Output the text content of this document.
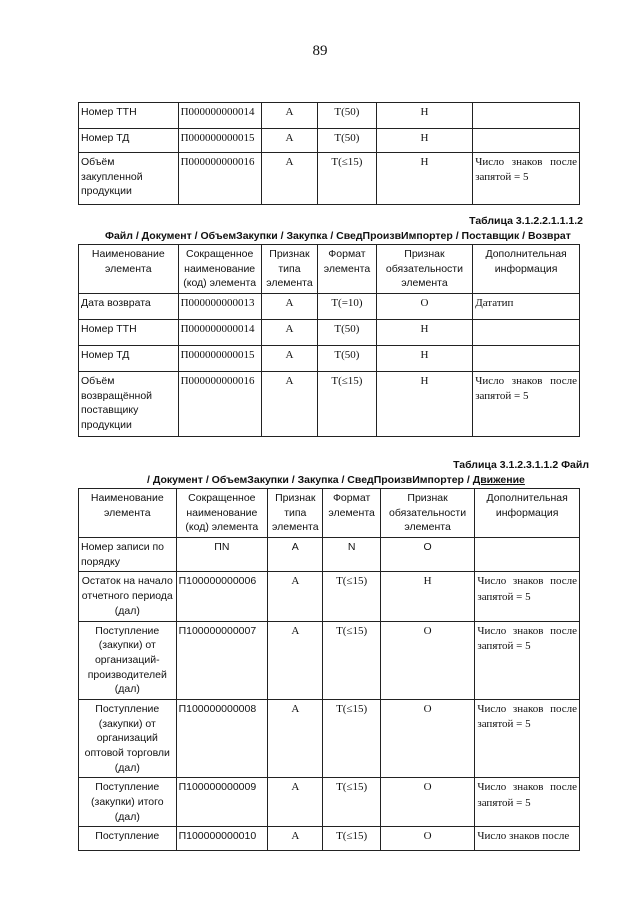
89
Номер ТТН	П000000000014	А	Т(50)	Н	
Номер ТД	П000000000015	А	Т(50)	Н	
Объём закупленной продукции	П000000000016	А	Т(≤15)	Н	Число знаков после запятой = 5
Таблица 3.1.2.2.1.1.1.2
Файл / Документ / ОбъемЗакупки / Закупка / СведПроизвИмпортер / Поставщик / Возврат
Наименование элемента	Сокращенное наименование (код) элемента	Признак типа элемента	Формат элемента	Признак обязательности элемента	Дополнительная информация
Дата возврата	П000000000013	А	Т(=10)	О	Дататип
Номер ТТН	П000000000014	А	Т(50)	Н	
Номер ТД	П000000000015	А	Т(50)	Н	
Объём возвращённой поставщику продукции	П000000000016	А	Т(≤15)	Н	Число знаков после запятой = 5
Таблица 3.1.2.3.1.1.2 Файл
/ Документ / ОбъемЗакупки / Закупка / СведПроизвИмпортер / Движение
Наименование элемента	Сокращенное наименование (код) элемента	Признак типа элемента	Формат элемента	Признак обязательности элемента	Дополнительная информация
Номер записи по порядку	ПN	А	N	О	
Остаток на начало отчетного периода (дал)	П100000000006	А	Т(≤15)	Н	Число знаков после запятой = 5
Поступление (закупки) от организаций-производителей (дал)	П100000000007	А	Т(≤15)	О	Число знаков после запятой = 5
Поступление (закупки) от организаций оптовой торговли (дал)	П100000000008	А	Т(≤15)	О	Число знаков после запятой = 5
Поступление (закупки) итого (дал)	П100000000009	А	Т(≤15)	О	Число знаков после запятой = 5
Поступление	П100000000010	А	Т(≤15)	О	Число знаков после
